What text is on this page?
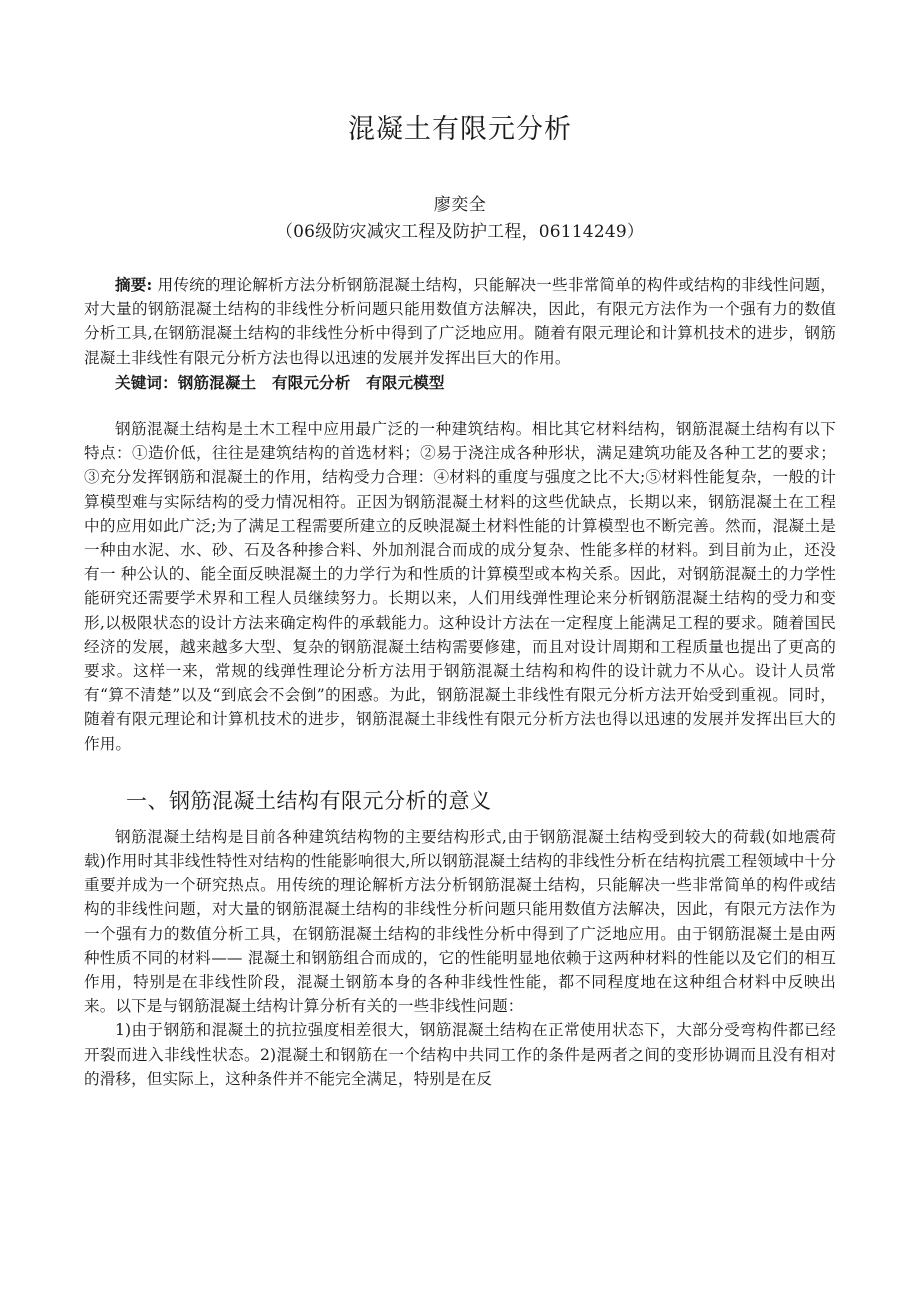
混凝土有限元分析
廖奕全
（06级防灾减灾工程及防护工程，06114249）

摘要: 用传统的理论解析方法分析钢筋混凝土结构，只能解决一些非常简单的构件或结构的非线性问题，对大量的钢筋混凝土结构的非线性分析问题只能用数值方法解决，因此，有限元方法作为一个强有力的数值分析工具,在钢筋混凝土结构的非线性分析中得到了广泛地应用。随着有限元理论和计算机技术的进步，钢筋混凝土非线性有限元分析方法也得以迅速的发展并发挥出巨大的作用。

关键词：钢筋混凝土　有限元分析　有限元模型

钢筋混凝土结构是土木工程中应用最广泛的一种建筑结构。相比其它材料结构，钢筋混凝土结构有以下特点：①造价低，往往是建筑结构的首选材料；②易于浇注成各种形状，满足建筑功能及各种工艺的要求；③充分发挥钢筋和混凝土的作用，结构受力合理：④材料的重度与强度之比不大;⑤材料性能复杂，一般的计算模型难与实际结构的受力情况相符。正因为钢筋混凝土材料的这些优缺点，长期以来，钢筋混凝土在工程中的应用如此广泛;为了满足工程需要所建立的反映混凝土材料性能的计算模型也不断完善。然而，混凝土是一种由水泥、水、砂、石及各种掺合料、外加剂混合而成的成分复杂、性能多样的材料。到目前为止，还没有一 种公认的、能全面反映混凝土的力学行为和性质的计算模型或本构关系。因此，对钢筋混凝土的力学性能研究还需要学术界和工程人员继续努力。长期以来，人们用线弹性理论来分析钢筋混凝土结构的受力和变形,以极限状态的设计方法来确定构件的承载能力。这种设计方法在一定程度上能满足工程的要求。随着国民经济的发展，越来越多大型、复杂的钢筋混凝土结构需要修建，而且对设计周期和工程质量也提出了更高的要求。这样一来，常规的线弹性理论分析方法用于钢筋混凝土结构和构件的设计就力不从心。设计人员常有“算不清楚”以及“到底会不会倒”的困惑。为此，钢筋混凝土非线性有限元分析方法开始受到重视。同时，随着有限元理论和计算机技术的进步，钢筋混凝土非线性有限元分析方法也得以迅速的发展并发挥出巨大的作用。

一、钢筋混凝土结构有限元分析的意义

钢筋混凝土结构是目前各种建筑结构物的主要结构形式,由于钢筋混凝土结构受到较大的荷载(如地震荷载)作用时其非线性特性对结构的性能影响很大,所以钢筋混凝土结构的非线性分析在结构抗震工程领域中十分重要并成为一个研究热点。用传统的理论解析方法分析钢筋混凝土结构，只能解决一些非常简单的构件或结构的非线性问题，对大量的钢筋混凝土结构的非线性分析问题只能用数值方法解决，因此，有限元方法作为一个强有力的数值分析工具，在钢筋混凝土结构的非线性分析中得到了广泛地应用。由于钢筋混凝土是由两种性质不同的材料—— 混凝土和钢筋组合而成的，它的性能明显地依赖于这两种材料的性能以及它们的相互作用，特别是在非线性阶段，混凝土钢筋本身的各种非线性性能，都不同程度地在这种组合材料中反映出来。以下是与钢筋混凝土结构计算分析有关的一些非线性问题：

1)由于钢筋和混凝土的抗拉强度相差很大，钢筋混凝土结构在正常使用状态下，大部分受弯构件都已经开裂而进入非线性状态。2)混凝土和钢筋在一个结构中共同工作的条件是两者之间的变形协调而且没有相对的滑移，但实际上，这种条件并不能完全满足，特别是在反
